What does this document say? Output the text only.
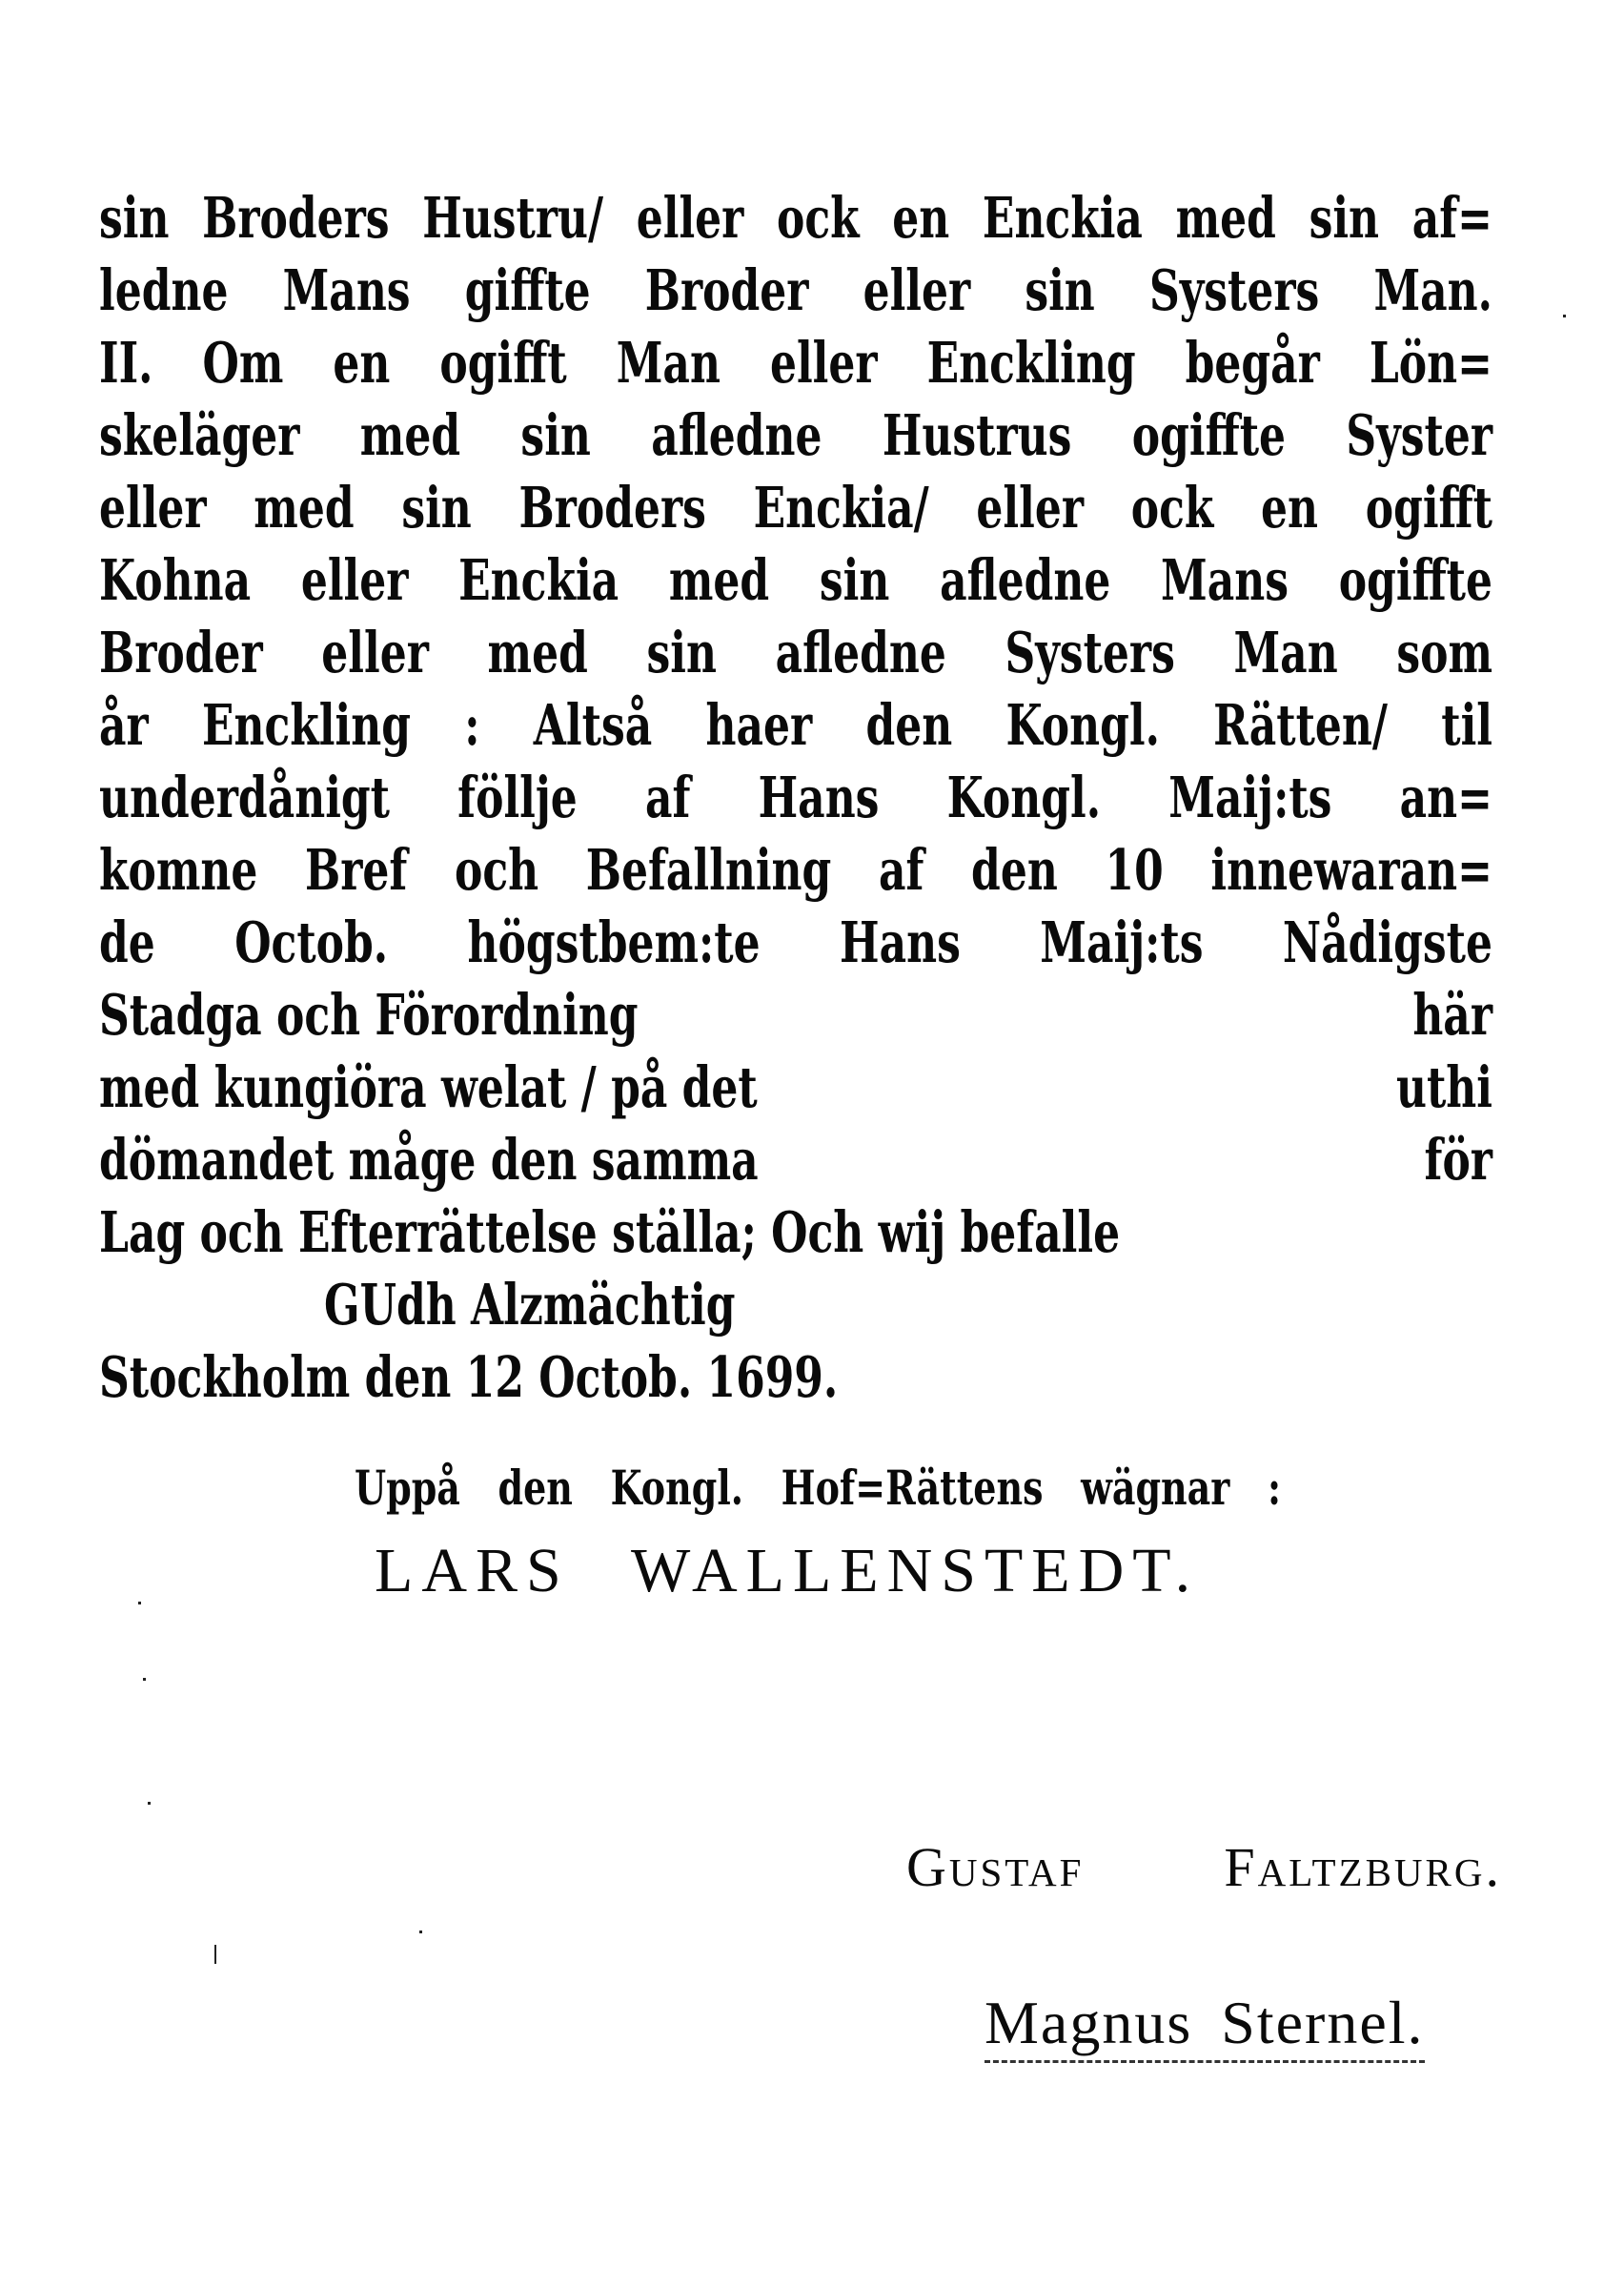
sin Broders Hustru/ eller ock en Enckia med sin af=
ledne Mans giffte Broder eller sin Systers Man.
II. Om en ogifft Man eller Enckling begår Lön=
skeläger med sin afledne Hustrus ogiffte Syster
eller med sin Broders Enckia/ eller ock en ogifft
Kohna eller Enckia med sin afledne Mans ogiffte
Broder eller med sin afledne Systers Man som
år Enckling : Altså haer den Kongl. Rätten/ til
underdånigt föllje af Hans Kongl. Maij:ts an=
komne Bref och Befallning af den 10 innewaran=
de Octob. högstbem:te Hans Maij:ts Nådigste
Stadga och Förordning	här
med kungiöra welat / på det	uthi
dömandet måge den samma	för
Lag och Efterrättelse ställa; Och wij befalle
GUdh Alzmächtig
Stockholm den 12 Octob. 1699.
Uppå den Kongl. Hof=Rättens wägnar :
LARS WALLENSTEDT.
Gustaf	Faltzburg.
Magnus Sternel.
